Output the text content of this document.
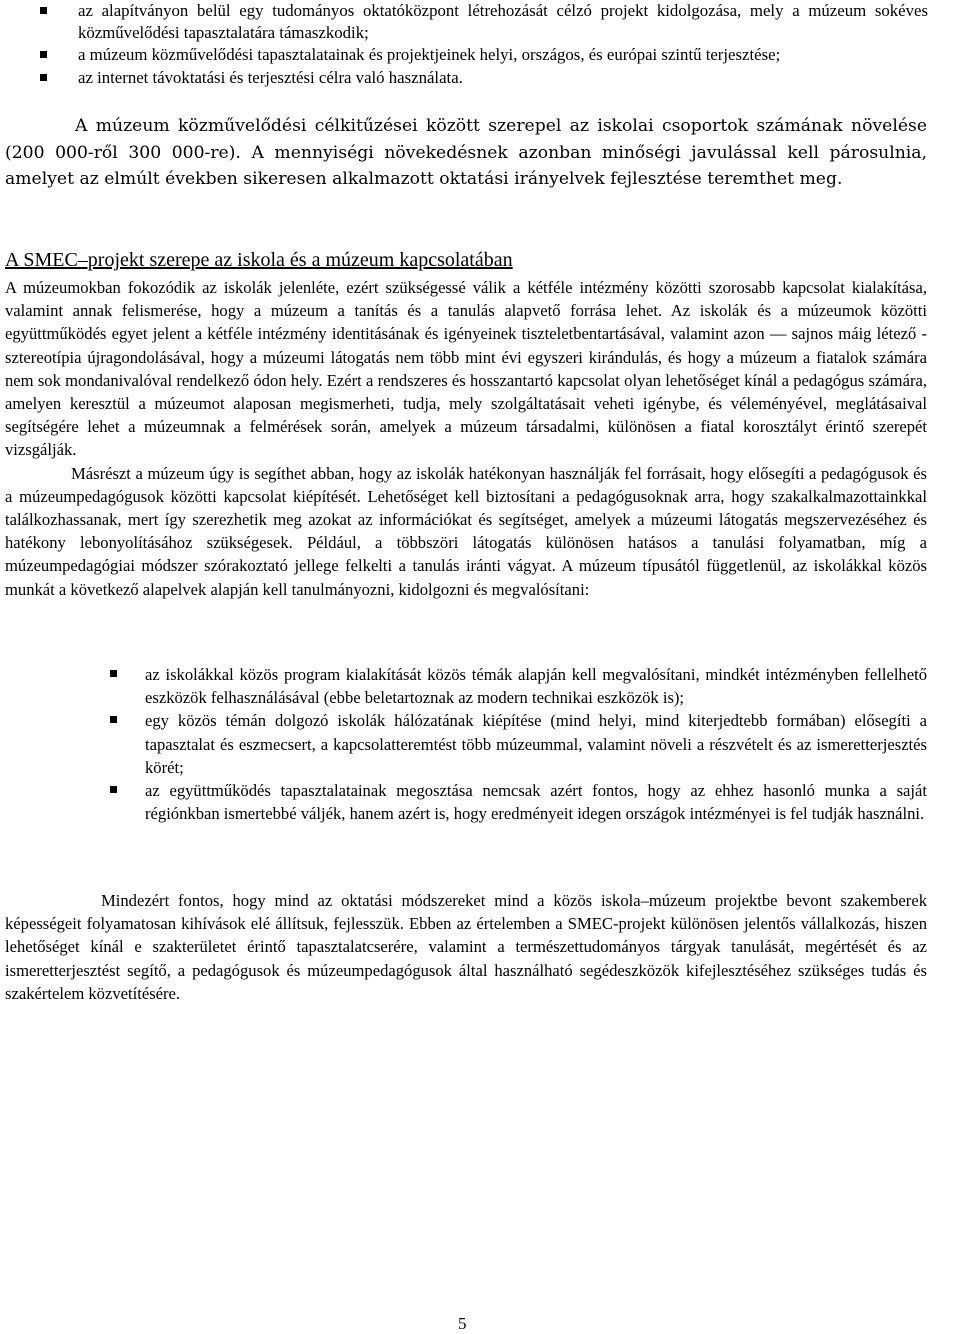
az alapítványon belül egy tudományos oktatóközpont létrehozását célzó projekt kidolgozása, mely a múzeum sokéves közművelődési tapasztalatára támaszkodik;
a múzeum közművelődési tapasztalatainak és projektjeinek helyi, országos, és európai szintű terjesztése;
az internet távoktatási és terjesztési célra való használata.
A múzeum közművelődési célkitűzései között szerepel az iskolai csoportok számának növelése (200 000-ről 300 000-re). A mennyiségi növekedésnek azonban minőségi javulással kell párosulnia, amelyet az elmúlt években sikeresen alkalmazott oktatási irányelvek fejlesztése teremthet meg.
A SMEC–projekt szerepe az iskola és a múzeum kapcsolatában
A múzeumokban fokozódik az iskolák jelenléte, ezért szükségessé válik a kétféle intézmény közötti szorosabb kapcsolat kialakítása, valamint annak felismerése, hogy a múzeum a tanítás és a tanulás alapvető forrása lehet. Az iskolák és a múzeumok közötti együttműködés egyet jelent a kétféle intézmény identitásának és igényeinek tiszteletbentartásával, valamint azon — sajnos máig létező - sztereotípia újragondolásával, hogy a múzeumi látogatás nem több mint évi egyszeri kirándulás, és hogy a múzeum a fiatalok számára nem sok mondanivalóval rendelkező ódon hely. Ezért a rendszeres és hosszantartó kapcsolat olyan lehetőséget kínál a pedagógus számára, amelyen keresztül a múzeumot alaposan megismerheti, tudja, mely szolgáltatásait veheti igénybe, és véleményével, meglátásaival segítségére lehet a múzeumnak a felmérések során, amelyek a múzeum társadalmi, különösen a fiatal korosztályt érintő szerepét vizsgálják.
Másrészt a múzeum úgy is segíthet abban, hogy az iskolák hatékonyan használják fel forrásait, hogy elősegíti a pedagógusok és a múzeumpedagógusok közötti kapcsolat kiépítését. Lehetőséget kell biztosítani a pedagógusoknak arra, hogy szakalkalmazottainkkal találkozhassanak, mert így szerezhetik meg azokat az információkat és segítséget, amelyek a múzeumi látogatás megszervezéséhez és hatékony lebonyolításához szükségesek. Például, a többszöri látogatás különösen hatásos a tanulási folyamatban, míg a múzeumpedagógiai módszer szórakoztató jellege felkelti a tanulás iránti vágyat. A múzeum típusától függetlenül, az iskolákkal közös munkát a következő alapelvek alapján kell tanulmányozni, kidolgozni és megvalósítani:
az iskolákkal közös program kialakítását közös témák alapján kell megvalósítani, mindkét intézményben fellelhető eszközök felhasználásával (ebbe beletartoznak az modern technikai eszközök is);
egy közös témán dolgozó iskolák hálózatának kiépítése (mind helyi, mind kiterjedtebb formában) elősegíti a tapasztalat és eszmecsert, a kapcsolatteremtést több múzeummal, valamint növeli a részvételt és az ismeretterjesztés körét;
az együttműködés tapasztalatainak megosztása nemcsak azért fontos, hogy az ehhez hasonló munka a saját régiónkban ismertebbé váljék, hanem azért is, hogy eredményeit idegen országok intézményei is fel tudják használni.
Mindezért fontos, hogy mind az oktatási módszereket mind a közös iskola–múzeum projektbe bevont szakemberek képességeit folyamatosan kihívások elé állítsuk, fejlesszük. Ebben az értelemben a SMEC-projekt különösen jelentős vállalkozás, hiszen lehetőséget kínál e szakterületet érintő tapasztalatcserére, valamint a természettudományos tárgyak tanulását, megértését és az ismeretterjesztést segítő, a pedagógusok és múzeumpedagógusok által használható segédeszközök kifejlesztéséhez szükséges tudás és szakértelem közvetítésére.
5
